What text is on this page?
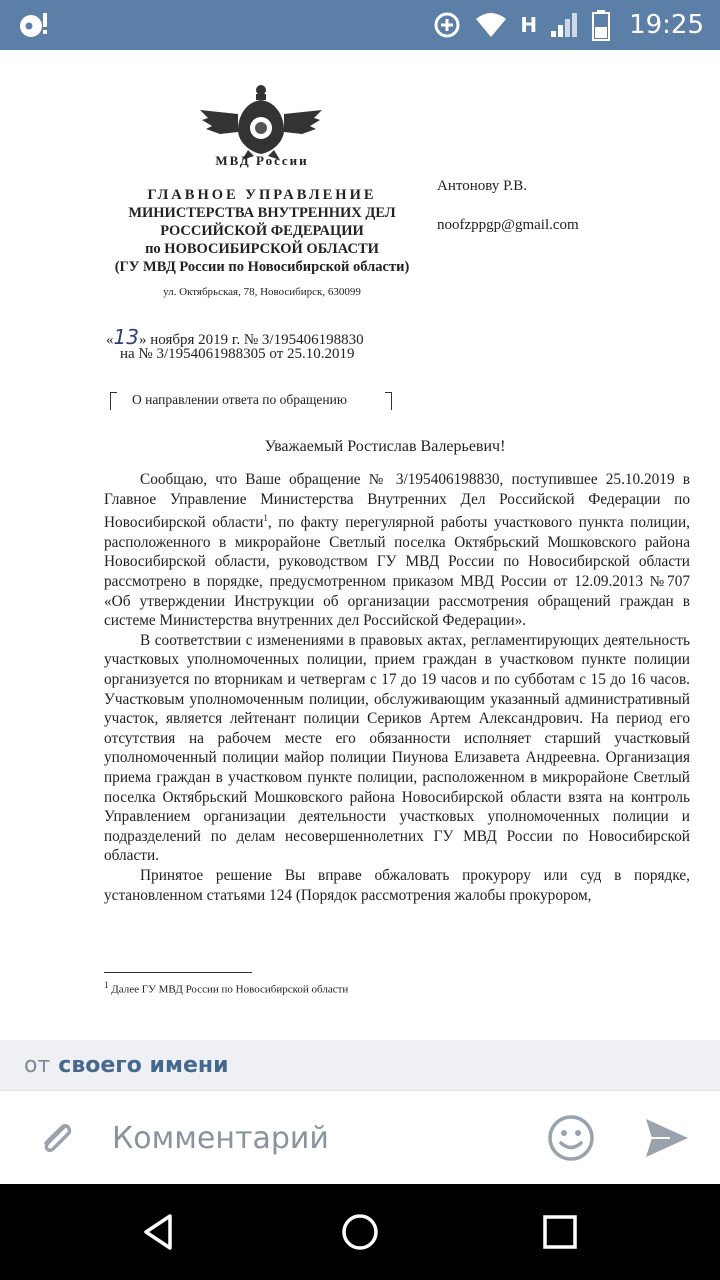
H	19:25
МВД России
ГЛАВНОЕ УПРАВЛЕНИЕ
МИНИСТЕРСТВА ВНУТРЕННИХ ДЕЛ
РОССИЙСКОЙ ФЕДЕРАЦИИ
по НОВОСИБИРСКОЙ ОБЛАСТИ
(ГУ МВД России по Новосибирской области)
ул. Октябрьская, 78, Новосибирск, 630099
Антонову Р.В.
noofzppgp@gmail.com
«13» ноября 2019 г. № 3/195406198830
на № 3/1954061988305 от 25.10.2019
О направлении ответа по обращению
Уважаемый Ростислав Валерьевич!

Сообщаю, что Ваше обращение № 3/195406198830, поступившее 25.10.2019 в Главное Управление Министерства Внутренних Дел Российской Федерации по Новосибирской области$^1$, по факту перегулярной работы участкового пункта полиции, расположенного в микрорайоне Светлый поселка Октябрьский Мошковского района Новосибирской области, руководством ГУ МВД России по Новосибирской области рассмотрено в порядке, предусмотренном приказом МВД России от 12.09.2013 №707 «Об утверждении Инструкции об организации рассмотрения обращений граждан в системе Министерства внутренних дел Российской Федерации».

В соответствии с изменениями в правовых актах, регламентирующих деятельность участковых уполномоченных полиции, прием граждан в участковом пункте полиции организуется по вторникам и четвергам с 17 до 19 часов и по субботам с 15 до 16 часов. Участковым уполномоченным полиции, обслуживающим указанный административный участок, является лейтенант полиции Сериков Артем Александрович. На период его отсутствия на рабочем месте его обязанности исполняет старший участковый уполномоченный полиции майор полиции Пиунова Елизавета Андреевна. Организация приема граждан в участковом пункте полиции, расположенном в микрорайоне Светлый поселка Октябрьский Мошковского района Новосибирской области взята на контроль Управлением организации деятельности участковых уполномоченных полиции и подразделений по делам несовершеннолетних ГУ МВД России по Новосибирской области.

Принятое решение Вы вправе обжаловать прокурору или суд в порядке, установленном статьями 124 (Порядок рассмотрения жалобы прокурором,

$^1$ Далее ГУ МВД России по Новосибирской области
от своего имени
Комментарий
